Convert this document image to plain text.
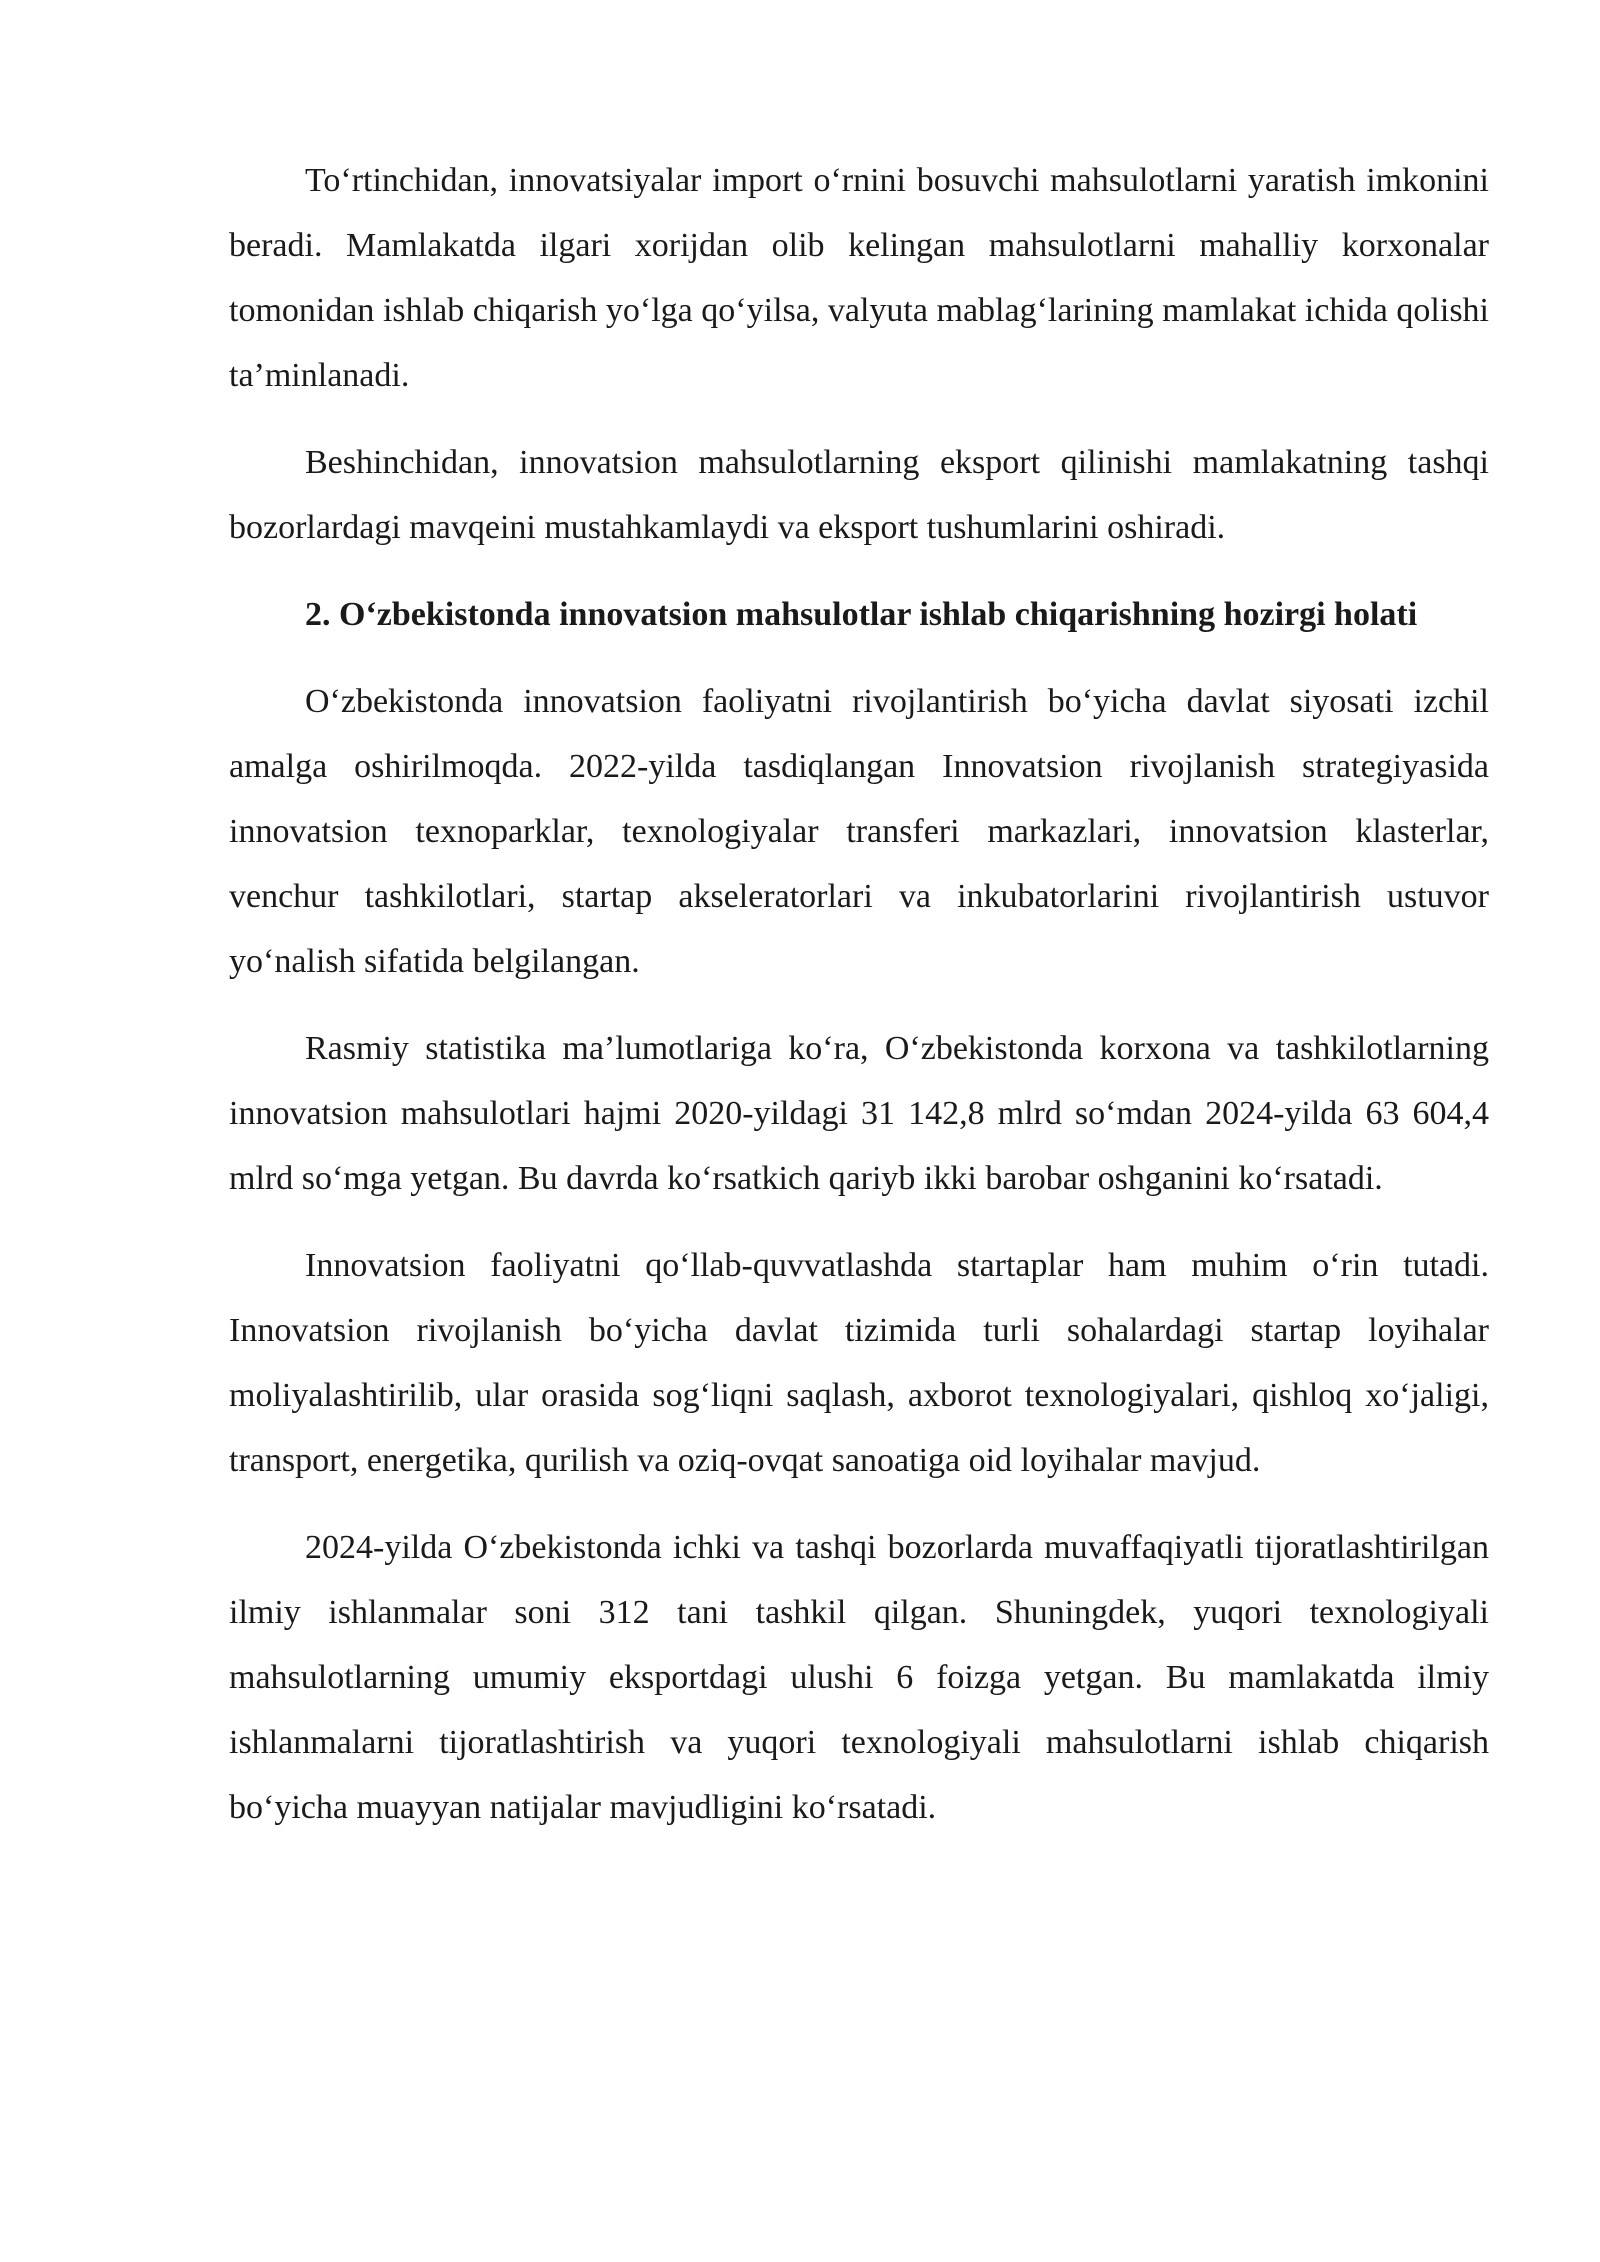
To‘rtinchidan, innovatsiyalar import o‘rnini bosuvchi mahsulotlarni yaratish imkonini beradi. Mamlakatda ilgari xorijdan olib kelingan mahsulotlarni mahalliy korxonalar tomonidan ishlab chiqarish yo‘lga qo‘yilsa, valyuta mablag‘larining mamlakat ichida qolishi ta’minlanadi.

Beshinchidan, innovatsion mahsulotlarning eksport qilinishi mamlakatning tashqi bozorlardagi mavqeini mustahkamlaydi va eksport tushumlarini oshiradi.

2. O‘zbekistonda innovatsion mahsulotlar ishlab chiqarishning hozirgi holati

O‘zbekistonda innovatsion faoliyatni rivojlantirish bo‘yicha davlat siyosati izchil amalga oshirilmoqda. 2022-yilda tasdiqlangan Innovatsion rivojlanish strategiyasida innovatsion texnoparklar, texnologiyalar transferi markazlari, innovatsion klasterlar, venchur tashkilotlari, startap akseleratorlari va inkubatorlarini rivojlantirish ustuvor yo‘nalish sifatida belgilangan.

Rasmiy statistika ma’lumotlariga ko‘ra, O‘zbekistonda korxona va tashkilotlarning innovatsion mahsulotlari hajmi 2020-yildagi 31 142,8 mlrd so‘mdan 2024-yilda 63 604,4 mlrd so‘mga yetgan. Bu davrda ko‘rsatkich qariyb ikki barobar oshganini ko‘rsatadi.

Innovatsion faoliyatni qo‘llab-quvvatlashda startaplar ham muhim o‘rin tutadi. Innovatsion rivojlanish bo‘yicha davlat tizimida turli sohalardagi startap loyihalar moliyalashtirilib, ular orasida sog‘liqni saqlash, axborot texnologiyalari, qishloq xo‘jaligi, transport, energetika, qurilish va oziq-ovqat sanoatiga oid loyihalar mavjud.

2024-yilda O‘zbekistonda ichki va tashqi bozorlarda muvaffaqiyatli tijoratlashtirilgan ilmiy ishlanmalar soni 312 tani tashkil qilgan. Shuningdek, yuqori texnologiyali mahsulotlarning umumiy eksportdagi ulushi 6 foizga yetgan. Bu mamlakatda ilmiy ishlanmalarni tijoratlashtirish va yuqori texnologiyali mahsulotlarni ishlab chiqarish bo‘yicha muayyan natijalar mavjudligini ko‘rsatadi.
